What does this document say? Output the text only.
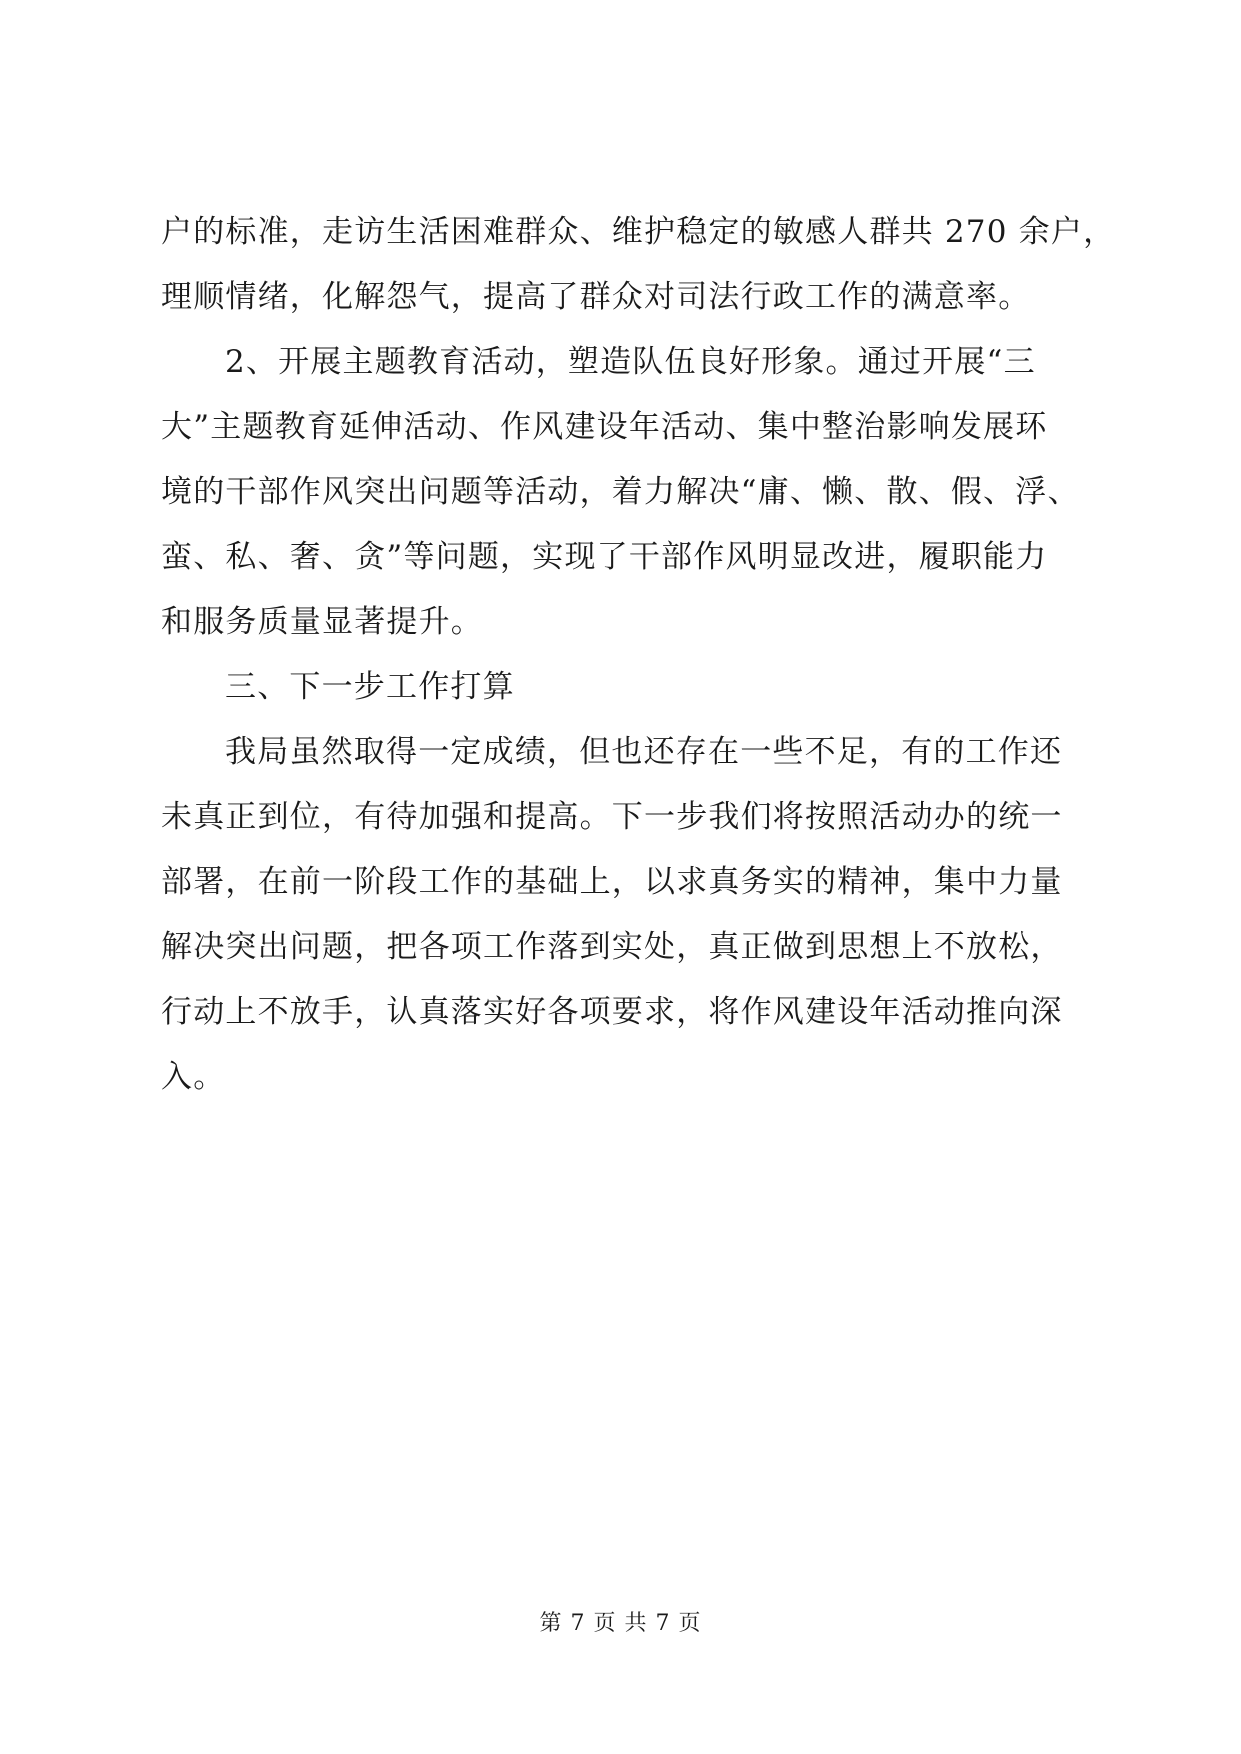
户的标准，走访生活困难群众、维护稳定的敏感人群共 270 余户，
理顺情绪，化解怨气，提高了群众对司法行政工作的满意率。
2、开展主题教育活动，塑造队伍良好形象。通过开展“三
大”主题教育延伸活动、作风建设年活动、集中整治影响发展环
境的干部作风突出问题等活动，着力解决“庸、懒、散、假、浮、
蛮、私、奢、贪”等问题，实现了干部作风明显改进，履职能力
和服务质量显著提升。
三、下一步工作打算
我局虽然取得一定成绩，但也还存在一些不足，有的工作还
未真正到位，有待加强和提高。下一步我们将按照活动办的统一
部署，在前一阶段工作的基础上，以求真务实的精神，集中力量
解决突出问题，把各项工作落到实处，真正做到思想上不放松，
行动上不放手，认真落实好各项要求，将作风建设年活动推向深
入。
第 7 页 共 7 页
